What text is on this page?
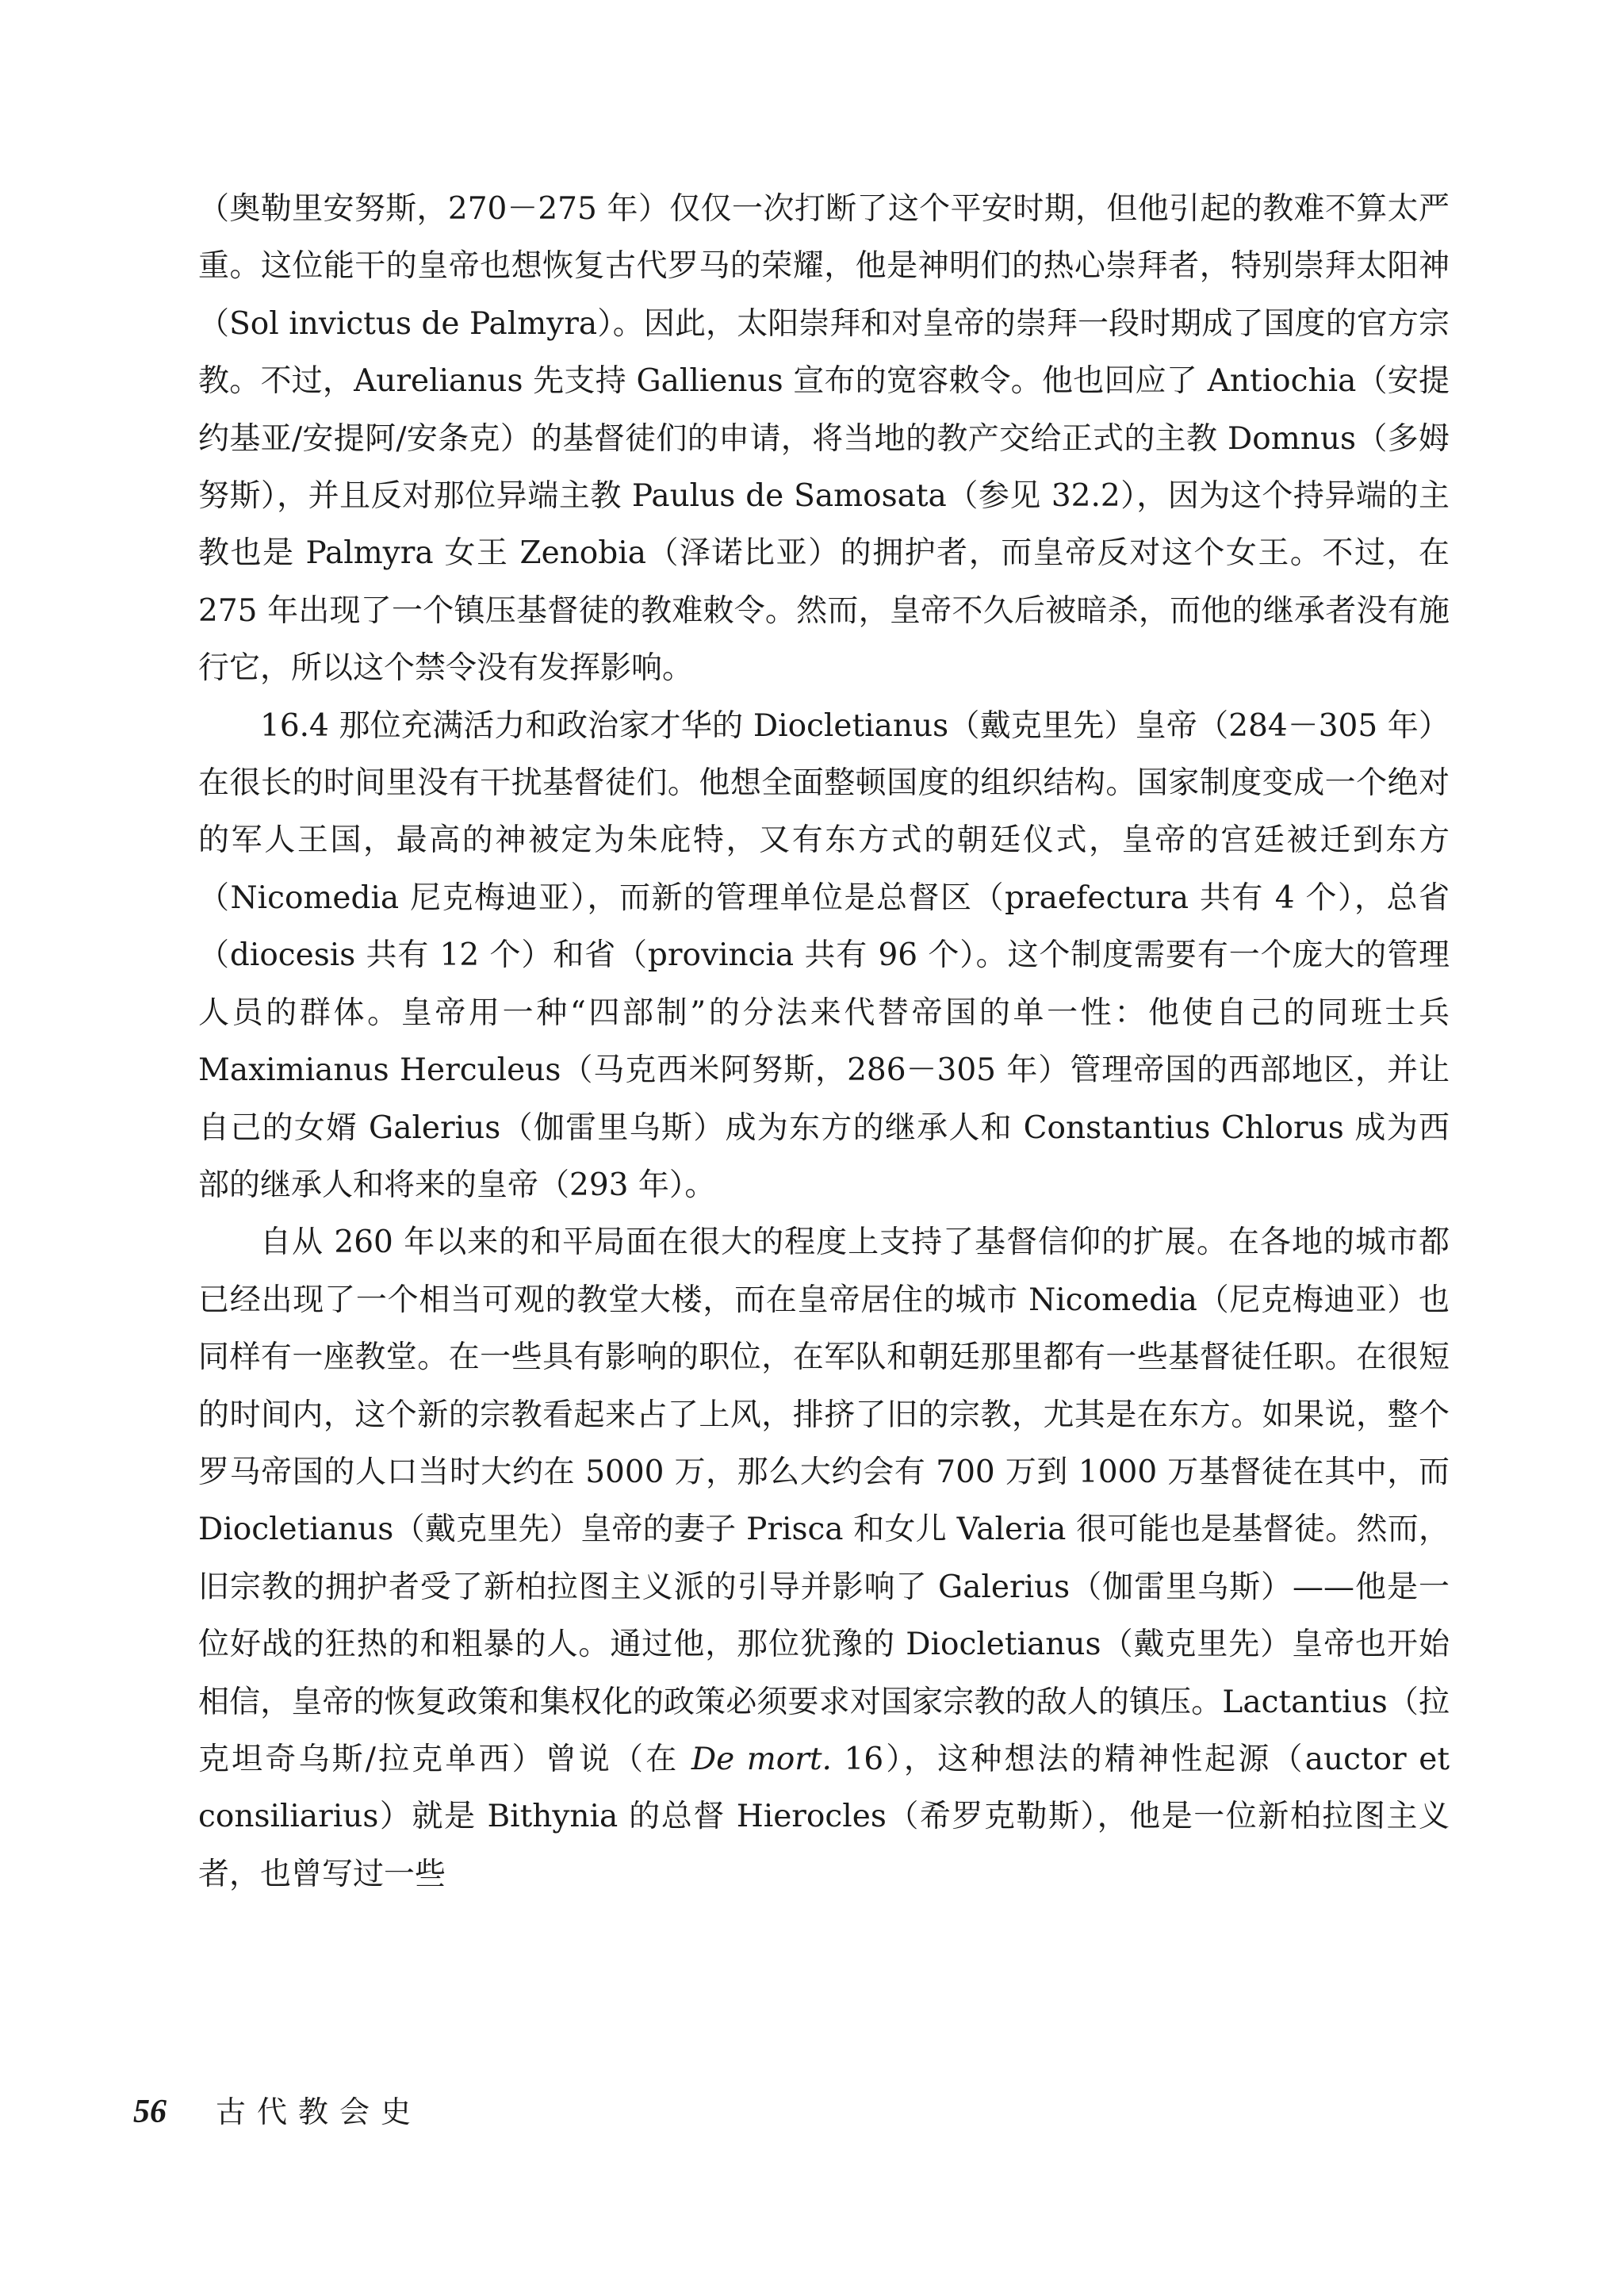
（奥勒里安努斯，270－275 年）仅仅一次打断了这个平安时期，但他引起的教难不算太严重。这位能干的皇帝也想恢复古代罗马的荣耀，他是神明们的热心崇拜者，特别崇拜太阳神（Sol invictus de Palmyra）。因此，太阳崇拜和对皇帝的崇拜一段时期成了国度的官方宗教。不过，Aurelianus 先支持 Gallienus 宣布的宽容敕令。他也回应了 Antiochia（安提约基亚/安提阿/安条克）的基督徒们的申请，将当地的教产交给正式的主教 Domnus（多姆努斯），并且反对那位异端主教 Paulus de Samosata（参见 32.2），因为这个持异端的主教也是 Palmyra 女王 Zenobia（泽诺比亚）的拥护者，而皇帝反对这个女王。不过，在 275 年出现了一个镇压基督徒的教难敕令。然而，皇帝不久后被暗杀，而他的继承者没有施行它，所以这个禁令没有发挥影响。

16.4 那位充满活力和政治家才华的 Diocletianus（戴克里先）皇帝（284－305 年）在很长的时间里没有干扰基督徒们。他想全面整顿国度的组织结构。国家制度变成一个绝对的军人王国，最高的神被定为朱庇特，又有东方式的朝廷仪式，皇帝的宫廷被迁到东方（Nicomedia 尼克梅迪亚），而新的管理单位是总督区（praefectura 共有 4 个），总省（diocesis 共有 12 个）和省（provincia 共有 96 个）。这个制度需要有一个庞大的管理人员的群体。皇帝用一种“四部制”的分法来代替帝国的单一性：他使自己的同班士兵 Maximianus Herculeus（马克西米阿努斯，286－305 年）管理帝国的西部地区，并让自己的女婿 Galerius（伽雷里乌斯）成为东方的继承人和 Constantius Chlorus 成为西部的继承人和将来的皇帝（293 年）。

自从 260 年以来的和平局面在很大的程度上支持了基督信仰的扩展。在各地的城市都已经出现了一个相当可观的教堂大楼，而在皇帝居住的城市 Nicomedia（尼克梅迪亚）也同样有一座教堂。在一些具有影响的职位，在军队和朝廷那里都有一些基督徒任职。在很短的时间内，这个新的宗教看起来占了上风，排挤了旧的宗教，尤其是在东方。如果说，整个罗马帝国的人口当时大约在 5000 万，那么大约会有 700 万到 1000 万基督徒在其中，而 Diocletianus（戴克里先）皇帝的妻子 Prisca 和女儿 Valeria 很可能也是基督徒。然而，旧宗教的拥护者受了新柏拉图主义派的引导并影响了 Galerius（伽雷里乌斯）——他是一位好战的狂热的和粗暴的人。通过他，那位犹豫的 Diocletianus（戴克里先）皇帝也开始相信，皇帝的恢复政策和集权化的政策必须要求对国家宗教的敌人的镇压。Lactantius（拉克坦奇乌斯/拉克单西）曾说（在 De mort. 16），这种想法的精神性起源（auctor et consiliarius）就是 Bithynia 的总督 Hierocles（希罗克勒斯），他是一位新柏拉图主义者，也曾写过一些

56 古代教会史
